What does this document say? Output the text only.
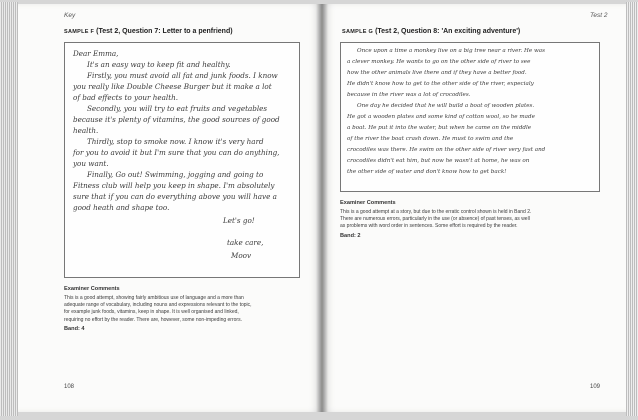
Key
SAMPLE F (Test 2, Question 7: Letter to a penfriend)
Dear Emma,
It's an easy way to keep fit and healthy.
Firstly, you must avoid all fat and junk foods. I know
you really like Double Cheese Burger but it make a lot
of bad effects to your health.
Secondly, you will try to eat fruits and vegetables
because it's plenty of vitamins, the good sources of good
health.
Thirdly, stop to smoke now. I know it's very hard
for you to avoid it but I'm sure that you can do anything,
you want.
Finally, Go out! Swimming, jogging and going to
Fitness club will help you keep in shape. I'm absolutely
sure that if you can do everything above you will have a
good heath and shape too.
Let's go!
take care,
Moov
Examiner Comments
This is a good attempt, showing fairly ambitious use of language and a more than
adequate range of vocabulary, including nouns and expressions relevant to the topic,
for example junk foods, vitamins, keep in shape. It is well organised and linked,
requiring no effort by the reader. There are, however, some non-impeding errors.
Band: 4
108
Test 2
SAMPLE G (Test 2, Question 8: 'An exciting adventure')
Once upon a time a monkey live on a big tree near a river. He was
a clever monkey. He wants to go on the other side of river to see
how the other animals live there and if they have a better food.
He didn't know how to get to the other side of the river, expecialy
because in the river was a lot of crocodiles.
One day he decided that he will build a boat of wooden plates.
He got a wooden plates and some kind of cotton wool, so he made
a boat. He put it into the water, but when he came on the middle
of the river the boat crash down. He must to swim and the
crocodiles was there. He swim on the other side of river very fast and
crocodiles didn't eat him, but now he wasn't at home, he was on
the other side of water and don't know how to get back!
Examiner Comments
This is a good attempt at a story, but due to the erratic control shown is held in Band 2.
There are numerous errors, particularly in the use (or absence) of past tenses, as well
as problems with word order in sentences. Some effort is required by the reader.
Band: 2
109
